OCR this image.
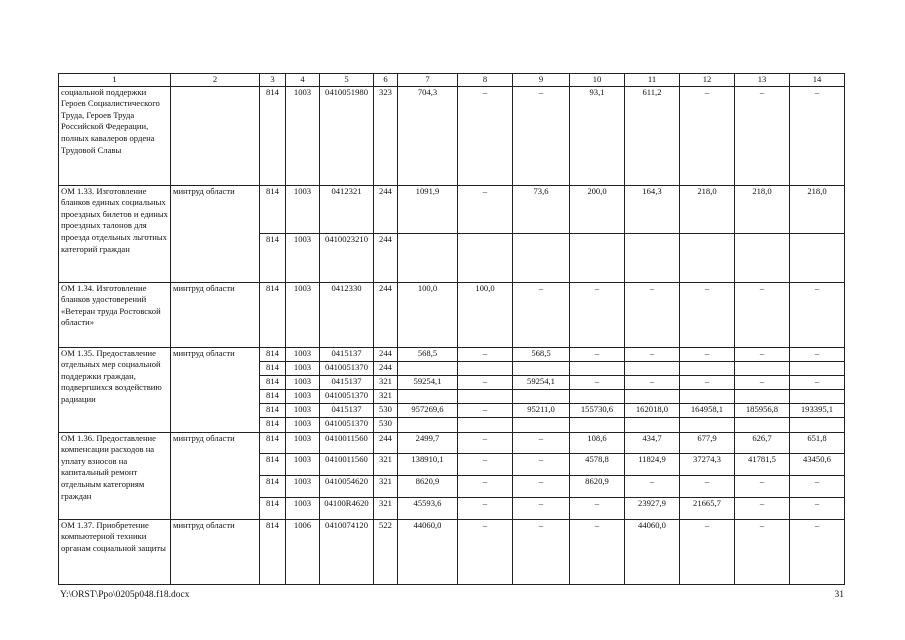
1	2	3	4	5	6	7	8	9	10	11	12	13	14
социальной поддержки Героев Социалистического Труда, Героев Труда Российской Федерации, полных кавалеров ордена Трудовой Славы		814	1003	0410051980	323	704,3	–	–	93,1	611,2	–	–	–
ОМ 1.33. Изготовление бланков единых социальных проездных билетов и единых проездных талонов для проезда отдельных льготных категорий граждан	минтруд области	814	1003	0412321	244	1091,9	–	73,6	200,0	164,3	218,0	218,0	218,0
		814	1003	0410023210	244								
ОМ 1.34. Изготовление бланков удостоверений «Ветеран труда Ростовской области»	минтруд области	814	1003	0412330	244	100,0	100,0	–	–	–	–	–	–
ОМ 1.35. Предоставление отдельных мер социальной поддержки граждан, подвергшихся воздействию радиации	минтруд области	814	1003	0415137	244	568,5	–	568,5	–	–	–	–	–
		814	1003	0410051370	244								
		814	1003	0415137	321	59254,1	–	59254,1	–	–	–	–	–
		814	1003	0410051370	321								
		814	1003	0415137	530	957269,6	–	95211,0	155730,6	162018,0	164958,1	185956,8	193395,1
		814	1003	0410051370	530								
ОМ 1.36. Предоставление компенсации расходов на уплату взносов на капитальный ремонт отдельным категориям граждан	минтруд области	814	1003	0410011560	244	2499,7	–	–	108,6	434,7	677,9	626,7	651,8
		814	1003	0410011560	321	138910,1	–	–	4578,8	11824,9	37274,3	41781,5	43450,6
		814	1003	0410054620	321	8620,9	–	–	8620,9	–	–	–	–
		814	1003	04100R4620	321	45593,6	–	–	–	23927,9	21665,7	–	–
ОМ 1.37. Приобретение компьютерной техники органам социальной защиты	минтруд области	814	1006	0410074120	522	44060,0	–	–	–	44060,0	–	–	–
Y:\ORST\Ppo\0205p048.f18.docx	31
